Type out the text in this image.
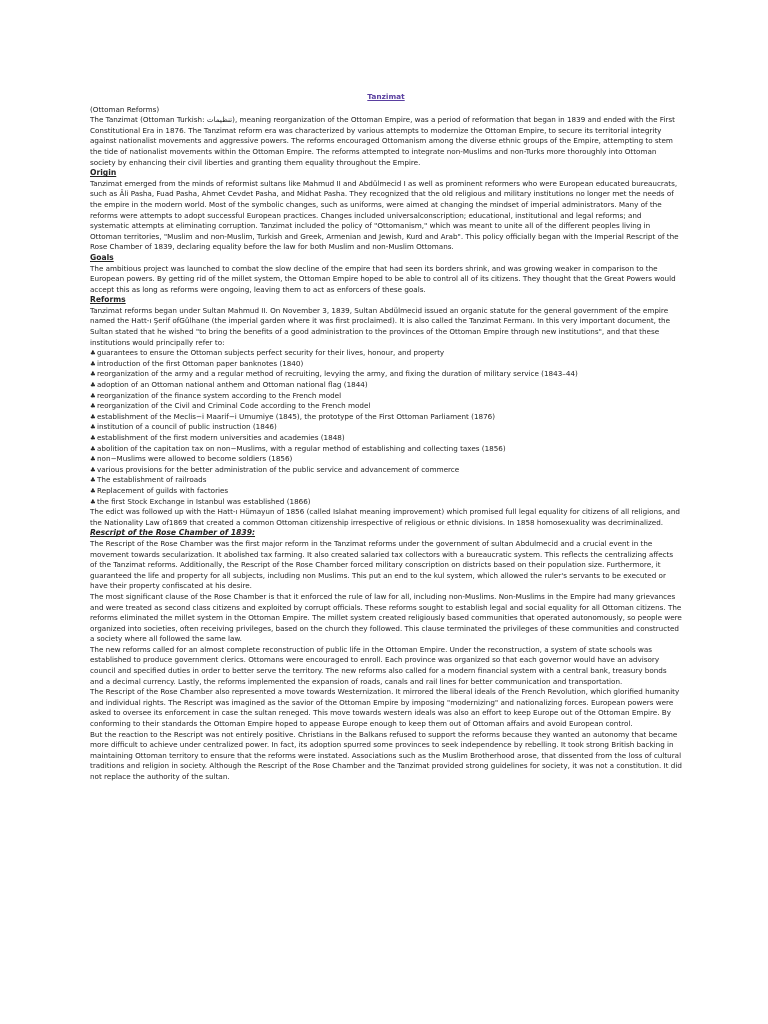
Tanzimat

(Ottoman Reforms)

The Tanzimat (Ottoman Turkish: تنظيمات‎), meaning reorganization of the Ottoman Empire, was a period of reformation that began in 1839 and ended with the First Constitutional Era in 1876. The Tanzimat reform era was characterized by various attempts to modernize the Ottoman Empire, to secure its territorial integrity against nationalist movements and aggressive powers. The reforms encouraged Ottomanism among the diverse ethnic groups of the Empire, attempting to stem the tide of nationalist movements within the Ottoman Empire. The reforms attempted to integrate non-Muslims and non-Turks more thoroughly into Ottoman society by enhancing their civil liberties and granting them equality throughout the Empire.

Origin

Tanzimat emerged from the minds of reformist sultans like Mahmud II and Abdülmecid I as well as prominent reformers who were European educated bureaucrats, such as Âli Pasha, Fuad Pasha, Ahmet Cevdet Pasha, and Midhat Pasha. They recognized that the old religious and military institutions no longer met the needs of the empire in the modern world. Most of the symbolic changes, such as uniforms, were aimed at changing the mindset of imperial administrators. Many of the reforms were attempts to adopt successful European practices. Changes included universalconscription; educational, institutional and legal reforms; and systematic attempts at eliminating corruption. Tanzimat included the policy of "Ottomanism," which was meant to unite all of the different peoples living in Ottoman territories, "Muslim and non-Muslim, Turkish and Greek, Armenian and Jewish, Kurd and Arab". This policy officially began with the Imperial Rescript of the Rose Chamber of 1839, declaring equality before the law for both Muslim and non-Muslim Ottomans.

Goals

The ambitious project was launched to combat the slow decline of the empire that had seen its borders shrink, and was growing weaker in comparison to the European powers. By getting rid of the millet system, the Ottoman Empire hoped to be able to control all of its citizens. They thought that the Great Powers would accept this as long as reforms were ongoing, leaving them to act as enforcers of these goals.

Reforms

Tanzimat reforms began under Sultan Mahmud II. On November 3, 1839, Sultan Abdülmecid issued an organic statute for the general government of the empire named the Hatt-ı Şerif ofGülhane (the imperial garden where it was first proclaimed). It is also called the Tanzimat Fermanı. In this very important document, the Sultan stated that he wished "to bring the benefits of a good administration to the provinces of the Ottoman Empire through new institutions", and that these institutions would principally refer to:

♣guarantees to ensure the Ottoman subjects perfect security for their lives, honour, and property
♣introduction of the first Ottoman paper banknotes (1840)
♣reorganization of the army and a regular method of recruiting, levying the army, and fixing the duration of military service (1843–44)
♣adoption of an Ottoman national anthem and Ottoman national flag (1844)
♣reorganization of the finance system according to the French model
♣reorganization of the Civil and Criminal Code according to the French model
♣establishment of the Meclis−i Maarif−i Umumiye (1845), the prototype of the First Ottoman Parliament (1876)
♣institution of a council of public instruction (1846)
♣establishment of the first modern universities and academies (1848)
♣abolition of the capitation tax on non−Muslims, with a regular method of establishing and collecting taxes (1856)
♣non−Muslims were allowed to become soldiers (1856)
♣various provisions for the better administration of the public service and advancement of commerce
♣The establishment of railroads
♣Replacement of guilds with factories
♣the first Stock Exchange in Istanbul was established (1866)

The edict was followed up with the Hatt-ı Hümayun of 1856 (called Islahat meaning improvement) which promised full legal equality for citizens of all religions, and the Nationality Law of1869 that created a common Ottoman citizenship irrespective of religious or ethnic divisions. In 1858 homosexuality was decriminalized.

Rescript of the Rose Chamber of 1839:

The Rescript of the Rose Chamber was the first major reform in the Tanzimat reforms under the government of sultan Abdulmecid and a crucial event in the movement towards secularization. It abolished tax farming. It also created salaried tax collectors with a bureaucratic system. This reflects the centralizing affects of the Tanzimat reforms. Additionally, the Rescript of the Rose Chamber forced military conscription on districts based on their population size. Furthermore, it guaranteed the life and property for all subjects, including non Muslims. This put an end to the kul system, which allowed the ruler's servants to be executed or have their property confiscated at his desire.

The most significant clause of the Rose Chamber is that it enforced the rule of law for all, including non-Muslims. Non-Muslims in the Empire had many grievances and were treated as second class citizens and exploited by corrupt officials. These reforms sought to establish legal and social equality for all Ottoman citizens. The reforms eliminated the millet system in the Ottoman Empire. The millet system created religiously based communities that operated autonomously, so people were organized into societies, often receiving privileges, based on the church they followed. This clause terminated the privileges of these communities and constructed a society where all followed the same law.

The new reforms called for an almost complete reconstruction of public life in the Ottoman Empire. Under the reconstruction, a system of state schools was established to produce government clerics. Ottomans were encouraged to enroll. Each province was organized so that each governor would have an advisory council and specified duties in order to better serve the territory. The new reforms also called for a modern financial system with a central bank, treasury bonds and a decimal currency. Lastly, the reforms implemented the expansion of roads, canals and rail lines for better communication and transportation.

The Rescript of the Rose Chamber also represented a move towards Westernization. It mirrored the liberal ideals of the French Revolution, which glorified humanity and individual rights. The Rescript was imagined as the savior of the Ottoman Empire by imposing "modernizing" and nationalizing forces. European powers were asked to oversee its enforcement in case the sultan reneged. This move towards western ideals was also an effort to keep Europe out of the Ottoman Empire. By conforming to their standards the Ottoman Empire hoped to appease Europe enough to keep them out of Ottoman affairs and avoid European control.

But the reaction to the Rescript was not entirely positive. Christians in the Balkans refused to support the reforms because they wanted an autonomy that became more difficult to achieve under centralized power. In fact, its adoption spurred some provinces to seek independence by rebelling. It took strong British backing in maintaining Ottoman territory to ensure that the reforms were instated. Associations such as the Muslim Brotherhood arose, that dissented from the loss of cultural traditions and religion in society. Although the Rescript of the Rose Chamber and the Tanzimat provided strong guidelines for society, it was not a constitution. It did not replace the authority of the sultan.
